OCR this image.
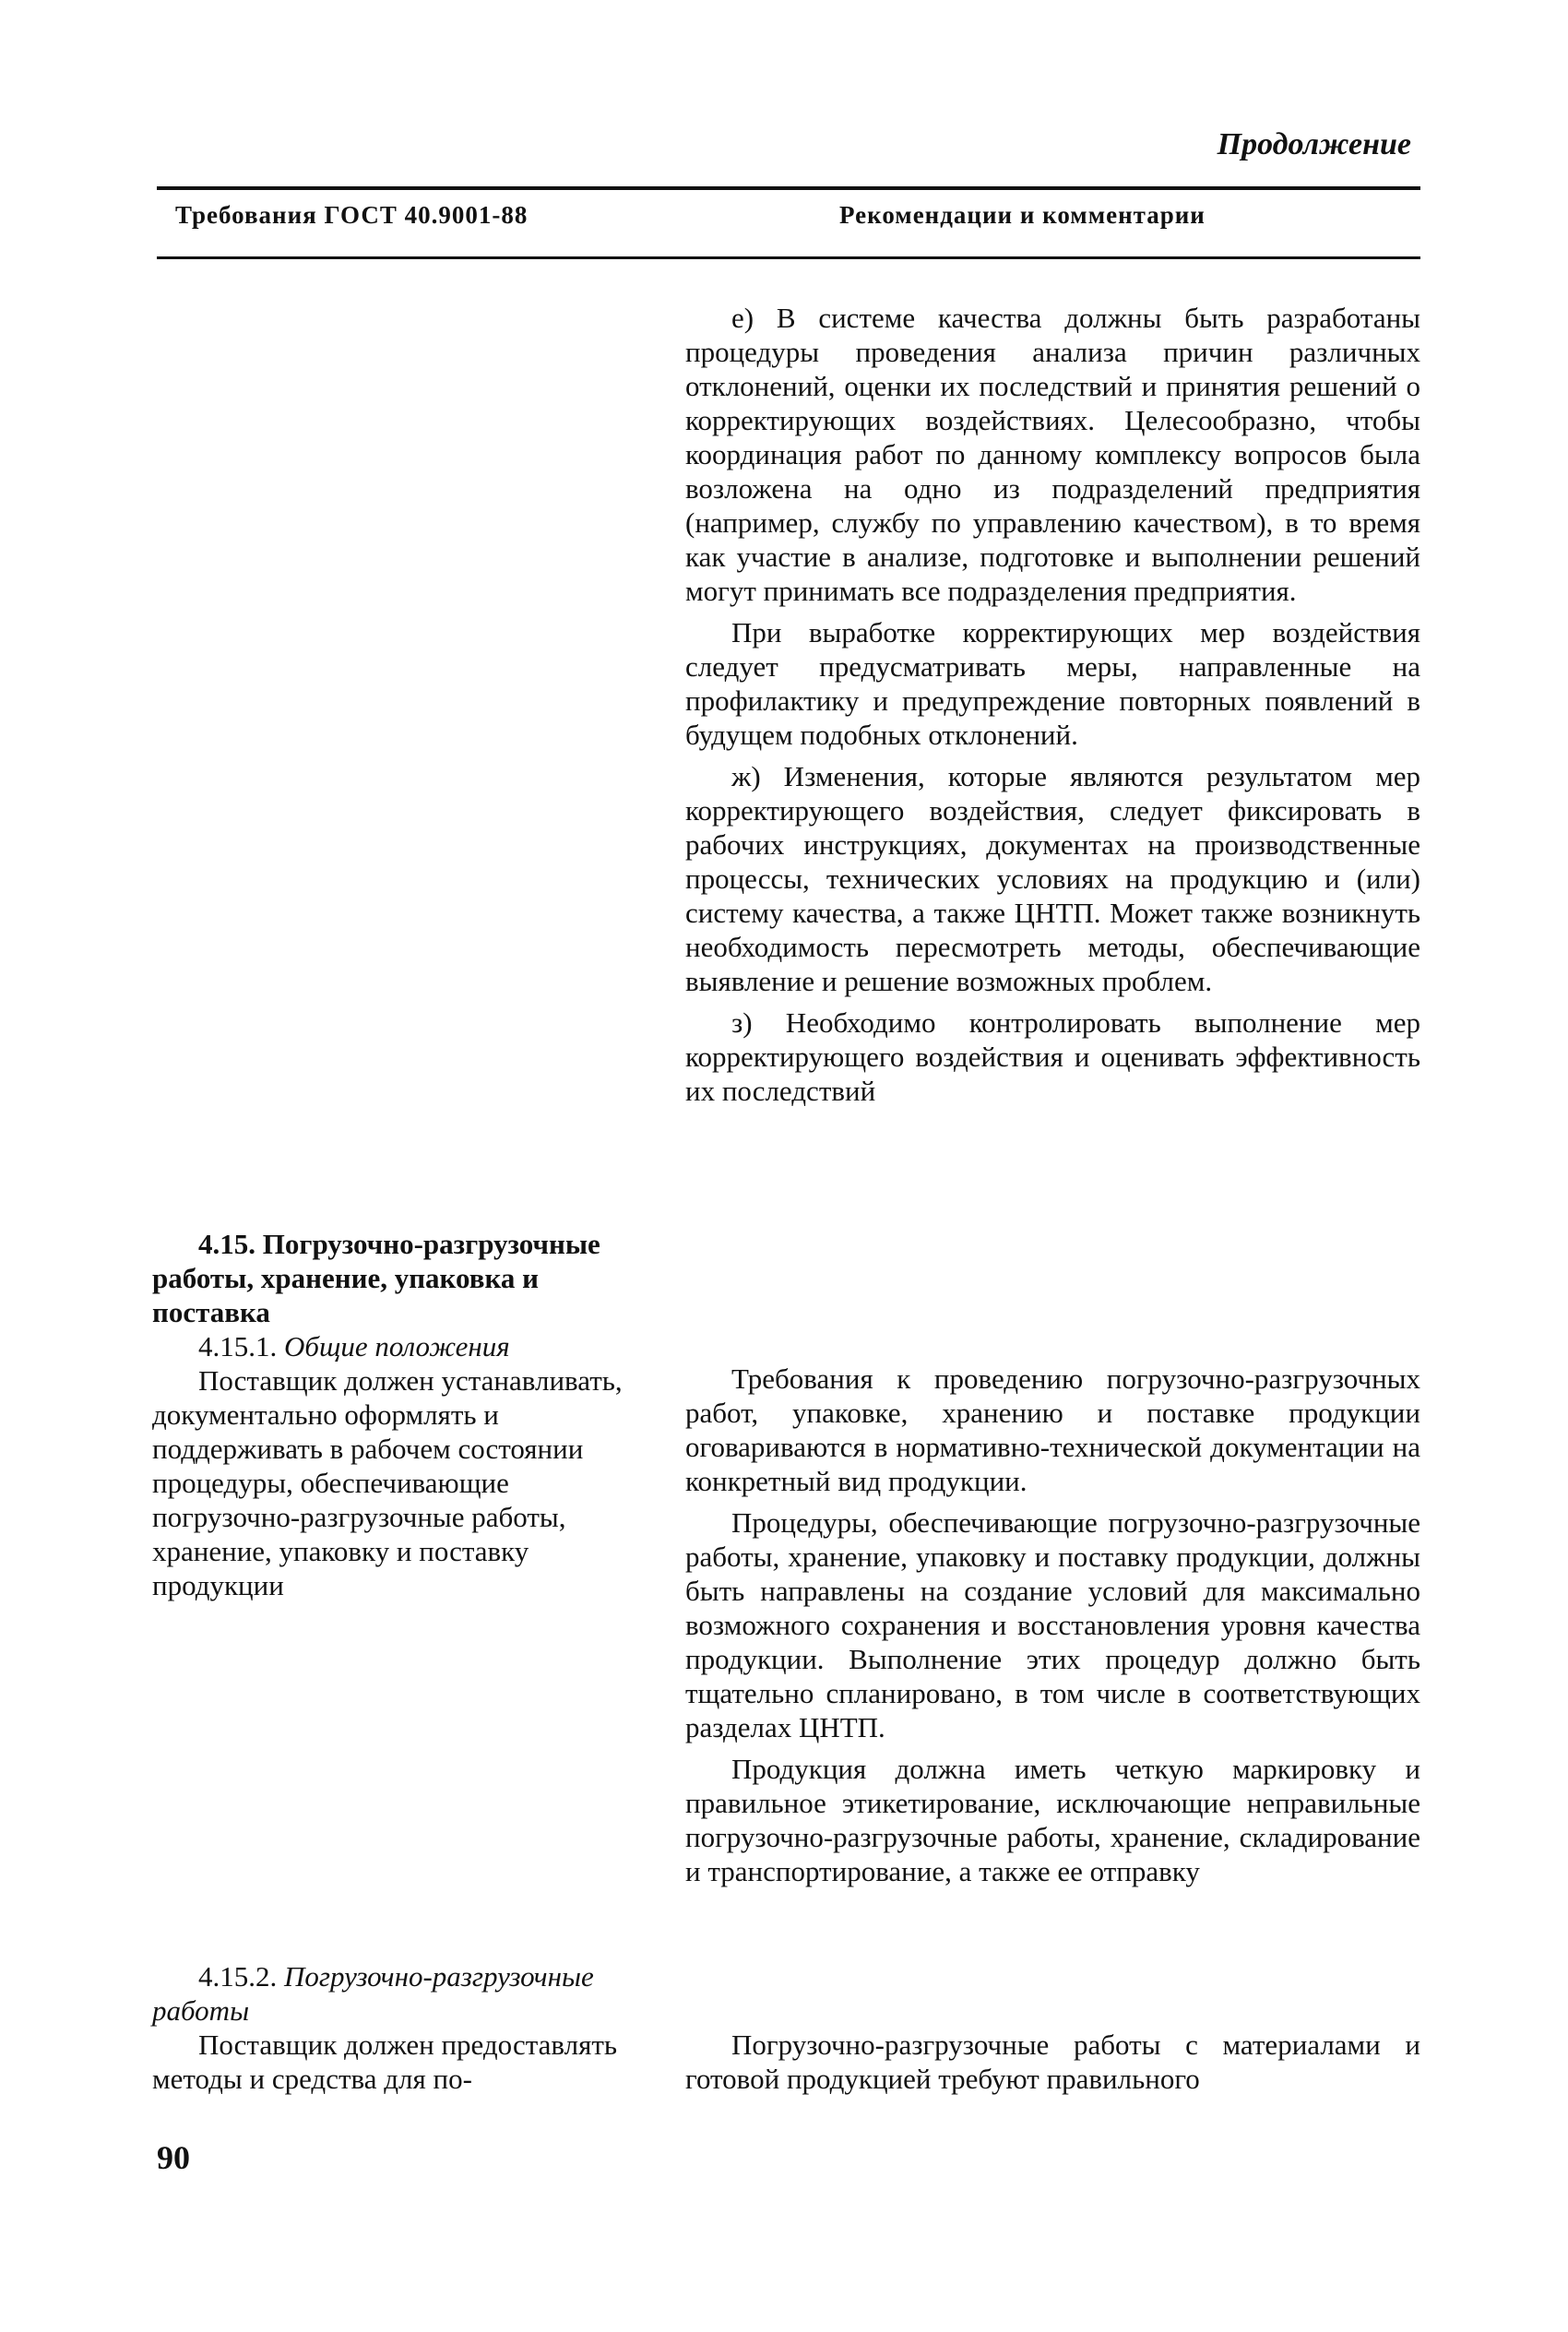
Продолжение
Требования ГОСТ 40.9001-88	Рекомендации и комментарии

е) В системе качества должны быть разработаны процедуры проведения анализа причин различных отклонений, оценки их последствий и принятия решений о корректирующих воздействиях. Целесообразно, чтобы координация работ по данному комплексу вопросов была возложена на одно из подразделений предприятия (например, службу по управлению качеством), в то время как участие в анализе, подготовке и выполнении решений могут принимать все подразделения предприятия.

При выработке корректирующих мер воздействия следует предусматривать меры, направленные на профилактику и предупреждение повторных появлений в будущем подобных отклонений.

ж) Изменения, которые являются результатом мер корректирующего воздействия, следует фиксировать в рабочих инструкциях, документах на производственные процессы, технических условиях на продукцию и (или) систему качества, а также ЦНТП. Может также возникнуть необходимость пересмотреть методы, обеспечивающие выявление и решение возможных проблем.

з) Необходимо контролировать выполнение мер корректирующего воздействия и оценивать эффективность их последствий

4.15. Погрузочно-разгрузочные работы, хранение, упаковка и поставка

4.15.1. Общие положения

Поставщик должен устанавливать, документально оформлять и поддерживать в рабочем состоянии процедуры, обеспечивающие погрузочно-разгрузочные работы, хранение, упаковку и поставку продукции

Требования к проведению погрузочно-разгрузочных работ, упаковке, хранению и поставке продукции оговариваются в нормативно-технической документации на конкретный вид продукции.

Процедуры, обеспечивающие погрузочно-разгрузочные работы, хранение, упаковку и поставку продукции, должны быть направлены на создание условий для максимально возможного сохранения и восстановления уровня качества продукции. Выполнение этих процедур должно быть тщательно спланировано, в том числе в соответствующих разделах ЦНТП.

Продукция должна иметь четкую маркировку и правильное этикетирование, исключающие неправильные погрузочно-разгрузочные работы, хранение, складирование и транспортирование, а также ее отправку

4.15.2. Погрузочно-разгрузочные работы

Поставщик должен предоставлять методы и средства для по-

Погрузочно-разгрузочные работы с материалами и готовой продукцией требуют правильного

90
